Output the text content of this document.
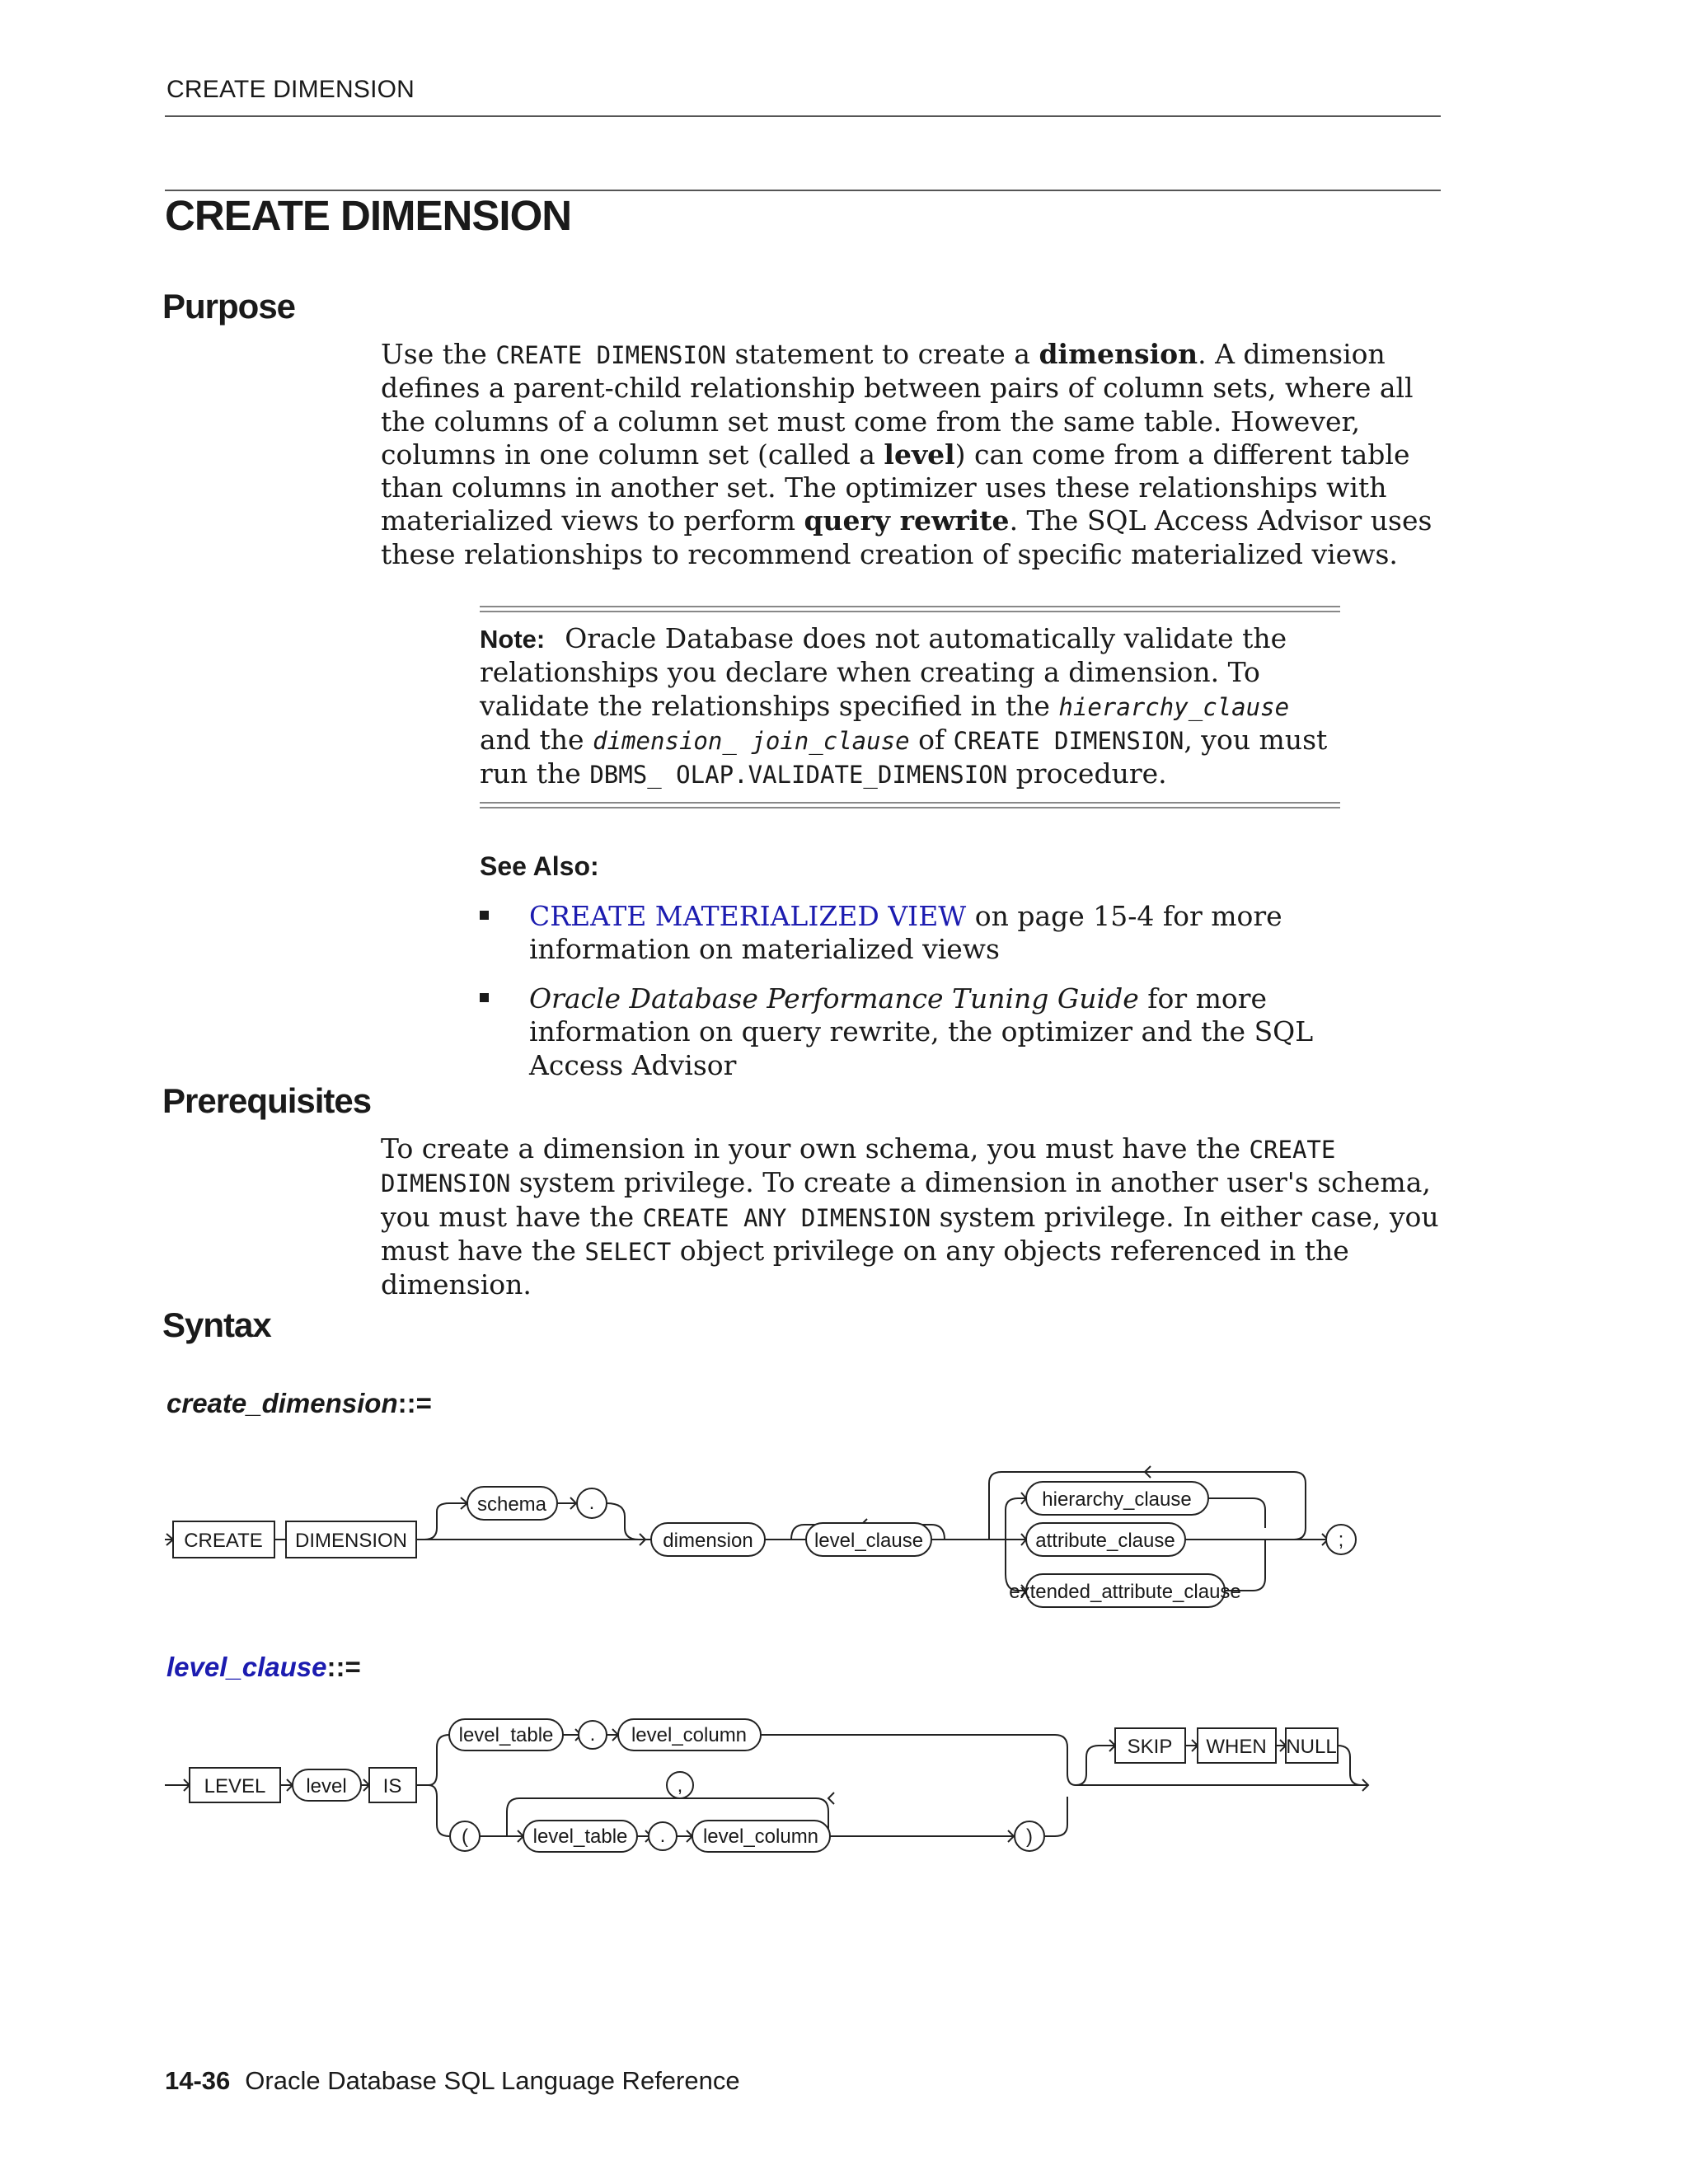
CREATE DIMENSION
CREATE DIMENSION
Purpose

Use the CREATE DIMENSION statement to create a dimension. A dimension defines a parent-child relationship between pairs of column sets, where all the columns of a column set must come from the same table. However, columns in one column set (called a level) can come from a different table than columns in another set. The optimizer uses these relationships with materialized views to perform query rewrite. The SQL Access Advisor uses these relationships to recommend creation of specific materialized views.

Note: Oracle Database does not automatically validate the relationships you declare when creating a dimension. To validate the relationships specified in the hierarchy_clause and the dimension_ join_clause of CREATE DIMENSION, you must run the DBMS_ OLAP.VALIDATE_DIMENSION procedure.

See Also:
CREATE MATERIALIZED VIEW on page 15-4 for more information on materialized views
Oracle Database Performance Tuning Guide for more information on query rewrite, the optimizer and the SQL Access Advisor
Prerequisites

To create a dimension in your own schema, you must have the CREATE DIMENSION system privilege. To create a dimension in another user's schema, you must have the CREATE ANY DIMENSION system privilege. In either case, you must have the SELECT object privilege on any objects referenced in the dimension.

Syntax

create_dimension::=

CREATE DIMENSION
schema .
dimension	level_clause
hierarchy_clause
attribute_clause
extended_attribute_clause
;

level_clause::=

LEVEL level IS
level_table . level_column
,
(	level_table . level_column	)
SKIP WHEN NULL
14-36 Oracle Database SQL Language Reference
